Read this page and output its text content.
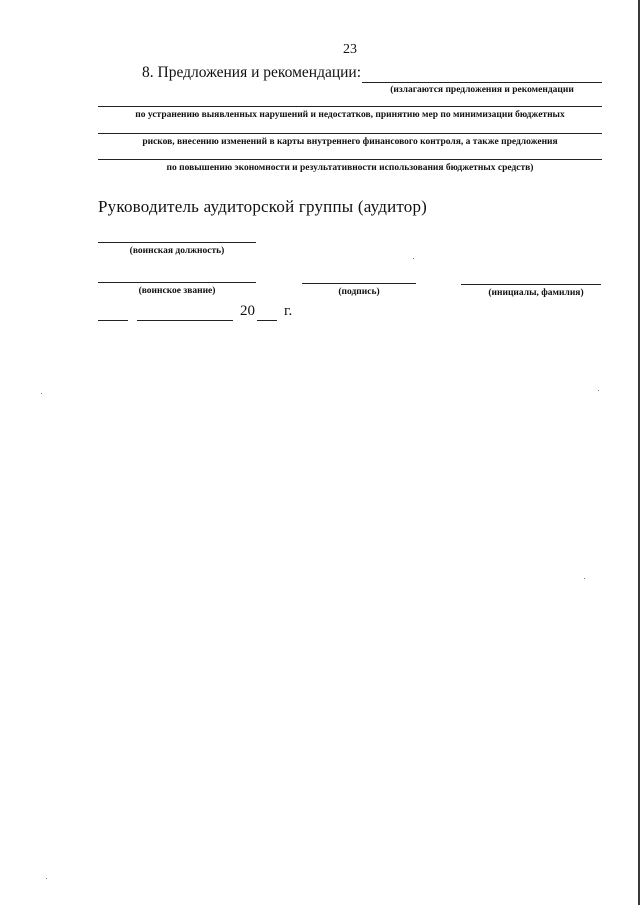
23
8. Предложения и рекомендации:
(излагаются предложения и рекомендации
по устранению выявленных нарушений и недостатков, принятию мер по минимизации бюджетных
рисков, внесению изменений в карты внутреннего финансового контроля, а также предложения
по повышению экономности и результативности использования бюджетных средств)
Руководитель аудиторской группы (аудитор)
(воинская должность)
(воинское звание)	(подпись)	(инициалы, фамилия)
20 г.
